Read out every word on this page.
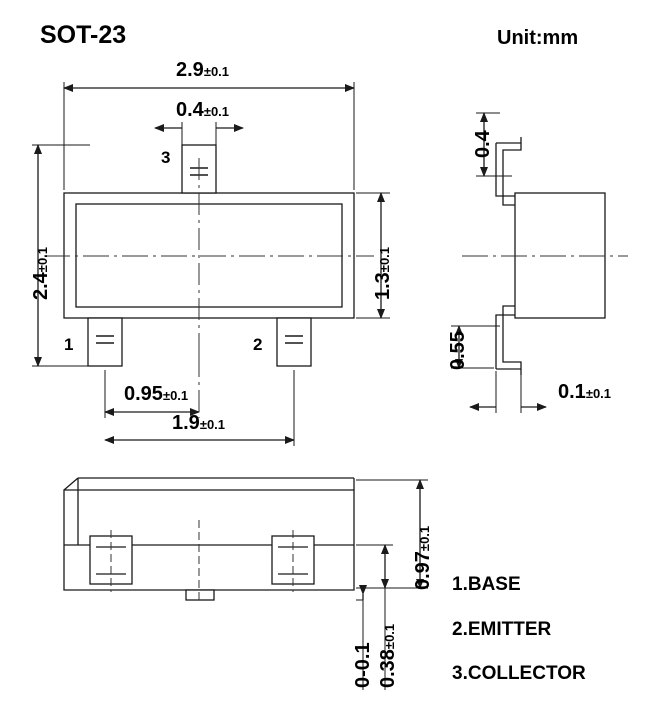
SOT-23	Unit:mm
2.9±0.1
0.4±0.1
2.4±0.1
1.3±0.1
0.95±0.1
1.9±0.1
3
1	2
0.4
0.55
0.1±0.1
0.97±0.1
0.38±0.1
0-0.1
1.BASE
2.EMITTER
3.COLLECTOR
